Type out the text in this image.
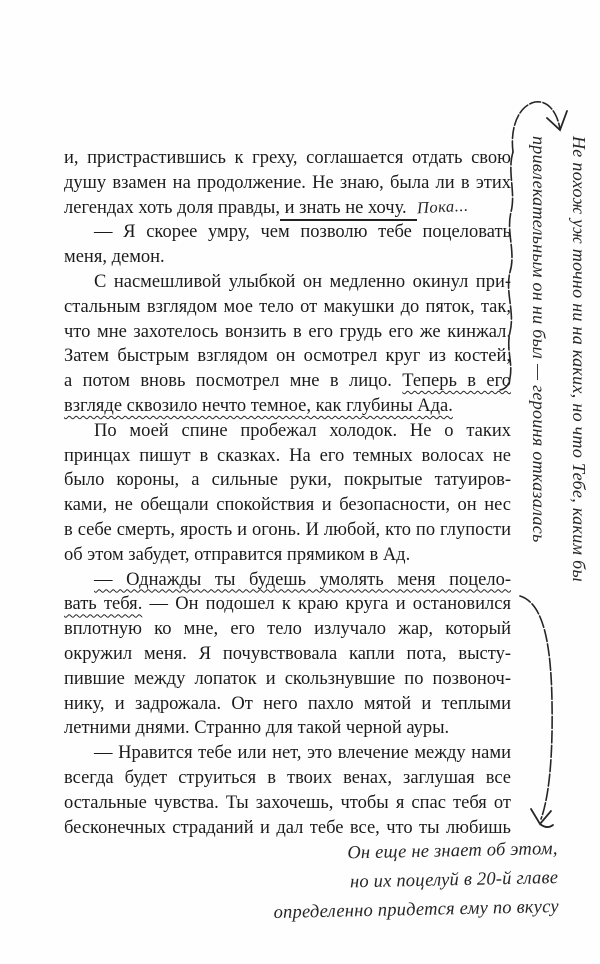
и, пристрастившись к греху, соглашается отдать свою
душу взамен на продолжение. Не знаю, была ли в этих
легендах хоть доля правды, и знать не хочу.Пока...
— Я скорее умру, чем позволю тебе поцеловать
меня, демон.
С насмешливой улыбкой он медленно окинул при-
стальным взглядом мое тело от макушки до пяток, так,
что мне захотелось вонзить в его грудь его же кинжал.
Затем быстрым взглядом он осмотрел круг из костей,
а потом вновь посмотрел мне в лицо. Теперь в его
взгляде сквозило нечто темное, как глубины Ада.
По моей спине пробежал холодок. Не о таких
принцах пишут в сказках. На его темных волосах не
было короны, а сильные руки, покрытые татуиров-
ками, не обещали спокойствия и безопасности, он нес
в себе смерть, ярость и огонь. И любой, кто по глупости
об этом забудет, отправится прямиком в Ад.
— Однажды ты будешь умолять меня поцело-
вать тебя. — Он подошел к краю круга и остановился
вплотную ко мне, его тело излучало жар, который
окружил меня. Я почувствовала капли пота, высту-
пившие между лопаток и скользнувшие по позвоноч-
нику, и задрожала. От него пахло мятой и теплыми
летними днями. Странно для такой черной ауры.
— Нравится тебе или нет, это влечение между нами
всегда будет струиться в твоих венах, заглушая все
остальные чувства. Ты захочешь, чтобы я спас тебя от
бесконечных страданий и дал тебе все, что ты любишь
Не похож уж точно ни на каких, но что Тебе, каким бы
привлекательным он ни был — героиня отказалась
Он еще не знает об этом,
но их поцелуй в 20-й главе
определенно придется ему по вкусу
